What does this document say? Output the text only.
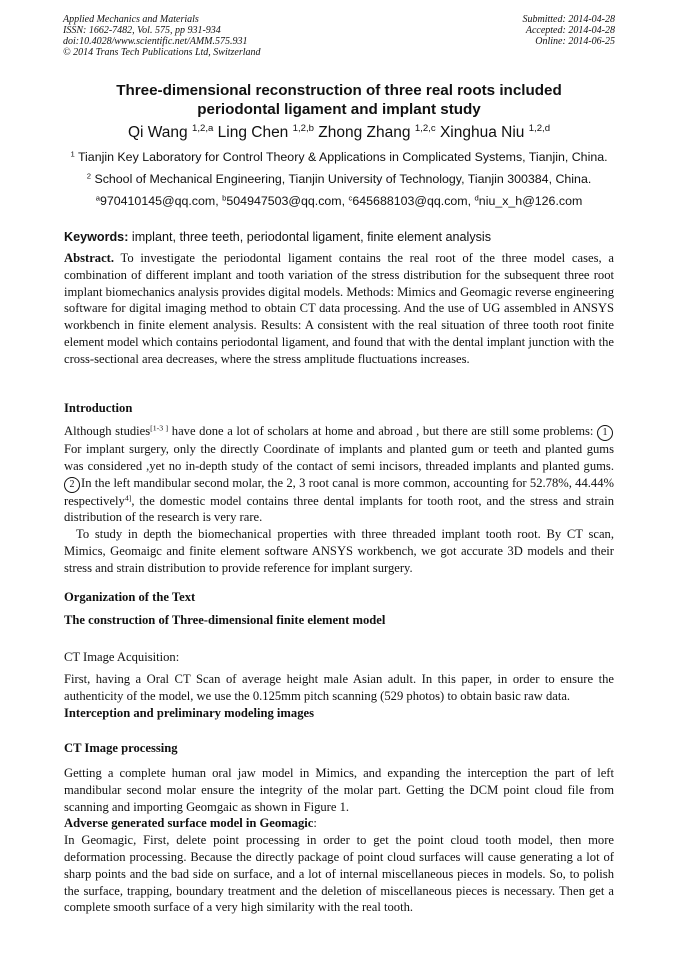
Applied Mechanics and Materials
ISSN: 1662-7482, Vol. 575, pp 931-934
doi:10.4028/www.scientific.net/AMM.575.931
© 2014 Trans Tech Publications Ltd, Switzerland
Submitted: 2014-04-28
Accepted: 2014-04-28
Online: 2014-06-25
Three-dimensional reconstruction of three real roots included
periodontal ligament and implant study
Qi Wang $^{1,2,a}$ Ling Chen $^{1,2,b}$ Zhong Zhang $^{1,2,c}$ Xinghua Niu $^{1,2,d}$
$^1$ Tianjin Key Laboratory for Control Theory & Applications in Complicated Systems, Tianjin, China.
$^2$ School of Mechanical Engineering, Tianjin University of Technology, Tianjin 300384, China.
$^a$970410145@qq.com, $^b$504947503@qq.com, $^c$645688103@qq.com, $^d$niu_x_h@126.com
Keywords: implant, three teeth, periodontal ligament, finite element analysis
Abstract. To investigate the periodontal ligament contains the real root of the three model cases, a combination of different implant and tooth variation of the stress distribution for the subsequent three root implant biomechanics analysis provides digital models. Methods: Mimics and Geomagic reverse engineering software for digital imaging method to obtain CT data processing. And the use of UG assembled in ANSYS workbench in finite element analysis. Results: A consistent with the real situation of three tooth root finite element model which contains periodontal ligament, and found that with the dental implant junction with the cross-sectional area decreases, where the stress amplitude fluctuations increases.
Introduction

Although studies[1-3 ] have done a lot of scholars at home and abroad , but there are still some problems: 1For implant surgery, only the directly Coordinate of implants and planted gum or teeth and planted gums was considered ,yet no in-depth study of the contact of semi incisors, threaded implants and planted gums. 2 In the left mandibular second molar, the 2, 3 root canal is more common, accounting for 52.78%, 44.44% respectively$^{4]}$, the domestic model contains three dental implants for tooth root, and the stress and strain distribution of the research is very rare.

To study in depth the biomechanical properties with three threaded implant tooth root. By CT scan, Mimics, Geomaigc and finite element software ANSYS workbench, we got accurate 3D models and their stress and strain distribution to provide reference for implant surgery.

Organization of the Text
The construction of Three-dimensional finite element model
CT Image Acquisition:

First, having a Oral CT Scan of average height male Asian adult. In this paper, in order to ensure the authenticity of the model, we use the 0.125mm pitch scanning (529 photos) to obtain basic raw data.

Interception and preliminary modeling images

CT Image processing

Getting a complete human oral jaw model in Mimics, and expanding the interception the part of left mandibular second molar ensure the integrity of the molar part. Getting the DCM point cloud file from scanning and importing Geomgaic as shown in Figure 1.

Adverse generated surface model in Geomagic:

In Geomagic, First, delete point processing in order to get the point cloud tooth model, then more deformation processing. Because the directly package of point cloud surfaces will cause generating a lot of sharp points and the bad side on surface, and a lot of internal miscellaneous pieces in models. So, to polish the surface, trapping, boundary treatment and the deletion of miscellaneous pieces is necessary. Then get a complete smooth surface of a very high similarity with the real tooth.
